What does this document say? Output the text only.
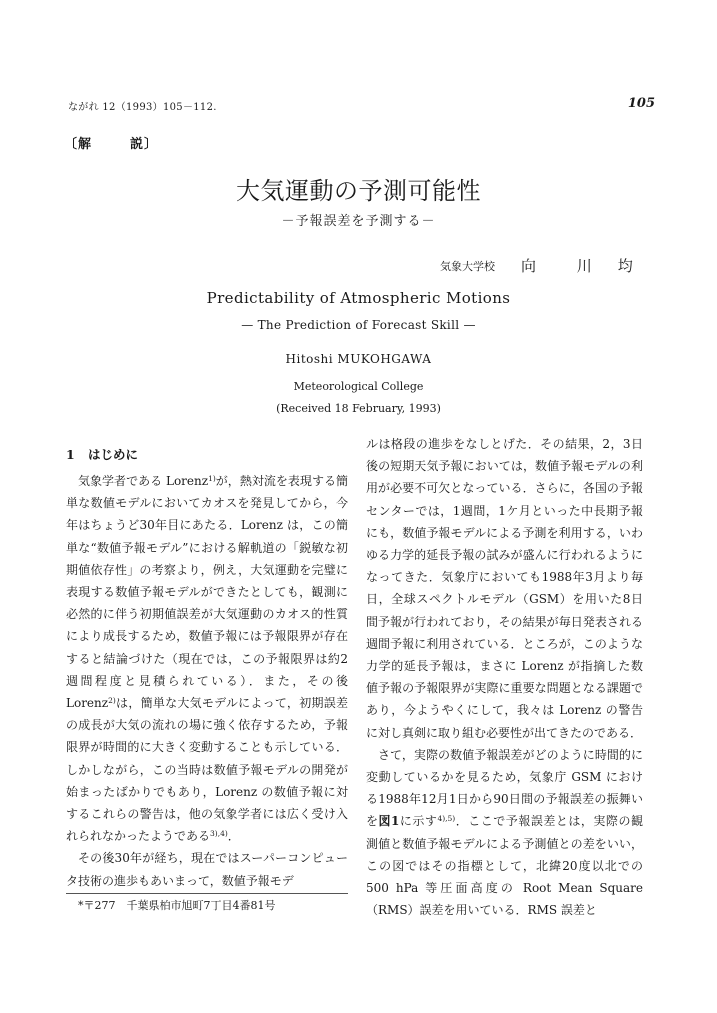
ながれ 12（1993）105－112.	105
〔解	説〕
大気運動の予測可能性
－予報誤差を予測する－
気象大学校 向 川 均
Predictability of Atmospheric Motions
— The Prediction of Forecast Skill —
Hitoshi MUKOHGAWA
Meteorological College
(Received 18 February, 1993)
1 はじめに

気象学者である Lorenz$^{1)}$が，熱対流を表現する簡単な数値モデルにおいてカオスを発見してから，今年はちょうど30年目にあたる．Lorenz は，この簡単な“数値予報モデル”における解軌道の「鋭敏な初期値依存性」の考察より，例え，大気運動を完璧に表現する数値予報モデルができたとしても，観測に必然的に伴う初期値誤差が大気運動のカオス的性質により成長するため，数値予報には予報限界が存在すると結論づけた（現在では，この予報限界は約2週間程度と見積られている）．また，その後 Lorenz$^{2)}$は，簡単な大気モデルによって，初期誤差の成長が大気の流れの場に強く依存するため，予報限界が時間的に大きく変動することも示している．しかしながら，この当時は数値予報モデルの開発が始まったばかりでもあり，Lorenz の数値予報に対するこれらの警告は，他の気象学者には広く受け入れられなかったようである$^{3),4)}$．

その後30年が経ち，現在ではスーパーコンピュータ技術の進歩もあいまって，数値予報モデ

*〒277　千葉県柏市旭町7丁目4番81号

ルは格段の進歩をなしとげた．その結果，2，3日後の短期天気予報においては，数値予報モデルの利用が必要不可欠となっている．さらに，各国の予報センターでは，1週間，1ケ月といった中長期予報にも，数値予報モデルによる予測を利用する，いわゆる力学的延長予報の試みが盛んに行われるようになってきた．気象庁においても1988年3月より毎日，全球スペクトルモデル（GSM）を用いた8日間予報が行われており，その結果が毎日発表される週間予報に利用されている．ところが，このような力学的延長予報は，まさに Lorenz が指摘した数値予報の予報限界が実際に重要な問題となる課題であり，今ようやくにして，我々は Lorenz の警告に対し真剣に取り組む必要性が出てきたのである．

さて，実際の数値予報誤差がどのように時間的に変動しているかを見るため，気象庁 GSM における1988年12月1日から90日間の予報誤差の振舞いを図1に示す$^{4),5)}$．ここで予報誤差とは，実際の観測値と数値予報モデルによる予測値との差をいい，この図ではその指標として，北緯20度以北での 500 hPa 等圧面高度の Root Mean Square（RMS）誤差を用いている．RMS 誤差と
